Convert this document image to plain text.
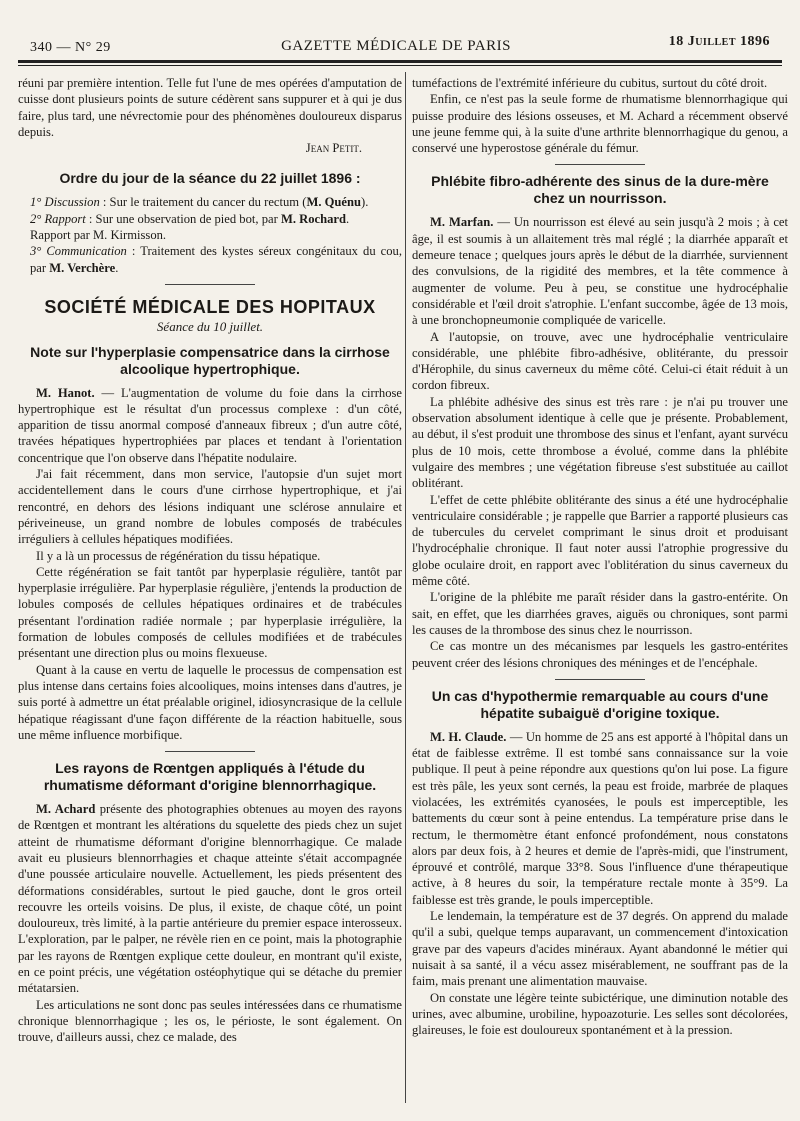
340 — N° 29	GAZETTE MÉDICALE DE PARIS	18 Juillet 1896

réuni par première intention. Telle fut l'une de mes opérées d'amputation de cuisse dont plusieurs points de suture cédèrent sans suppurer et à qui je dus faire, plus tard, une névrectomie pour des phénomènes douloureux disparus depuis.

Jean Petit.

Ordre du jour de la séance du 22 juillet 1896 :

1° Discussion : Sur le traitement du cancer du rectum (M. Quénu).

2° Rapport : Sur une observation de pied bot, par M. Rochard.

Rapport par M. Kirmisson.

3° Communication : Traitement des kystes séreux congénitaux du cou, par M. Verchère.

SOCIÉTÉ MÉDICALE DES HOPITAUX
Séance du 10 juillet.
Note sur l'hyperplasie compensatrice dans la cirrhose alcoolique hypertrophique.

M. Hanot. — L'augmentation de volume du foie dans la cirrhose hypertrophique est le résultat d'un processus complexe : d'un côté, apparition de tissu anormal composé d'anneaux fibreux ; d'un autre côté, travées hépatiques hypertrophiées par places et tendant à l'orientation concentrique que l'on observe dans l'hépatite nodulaire.

J'ai fait récemment, dans mon service, l'autopsie d'un sujet mort accidentellement dans le cours d'une cirrhose hypertrophique, et j'ai rencontré, en dehors des lésions indiquant une sclérose annulaire et périveineuse, un grand nombre de lobules composés de trabécules irréguliers à cellules hépatiques modifiées.

Il y a là un processus de régénération du tissu hépatique.

Cette régénération se fait tantôt par hyperplasie régulière, tantôt par hyperplasie irrégulière. Par hyperplasie régulière, j'entends la production de lobules composés de cellules hépatiques ordinaires et de trabécules présentant l'ordination radiée normale ; par hyperplasie irrégulière, la formation de lobules composés de cellules modifiées et de trabécules présentant une direction plus ou moins flexueuse.

Quant à la cause en vertu de laquelle le processus de compensation est plus intense dans certains foies alcooliques, moins intenses dans d'autres, je suis porté à admettre un état préalable originel, idiosyncrasique de la cellule hépatique réagissant d'une façon différente de la réaction habituelle, sous une même influence morbifique.

Les rayons de Rœntgen appliqués à l'étude du rhumatisme déformant d'origine blennorrhagique.

M. Achard présente des photographies obtenues au moyen des rayons de Rœntgen et montrant les altérations du squelette des pieds chez un sujet atteint de rhumatisme déformant d'origine blennorrhagique. Ce malade avait eu plusieurs blennorrhagies et chaque atteinte s'était accompagnée d'une poussée articulaire nouvelle. Actuellement, les pieds présentent des déformations considérables, surtout le pied gauche, dont le gros orteil recouvre les orteils voisins. De plus, il existe, de chaque côté, un point douloureux, très limité, à la partie antérieure du premier espace interosseux. L'exploration, par le palper, ne révèle rien en ce point, mais la photographie par les rayons de Rœntgen explique cette douleur, en montrant qu'il existe, en ce point précis, une végétation ostéophytique qui se détache du premier métatarsien.

Les articulations ne sont donc pas seules intéressées dans ce rhumatisme chronique blennorrhagique ; les os, le périoste, le sont également. On trouve, d'ailleurs aussi, chez ce malade, des

tuméfactions de l'extrémité inférieure du cubitus, surtout du côté droit.

Enfin, ce n'est pas la seule forme de rhumatisme blennorrhagique qui puisse produire des lésions osseuses, et M. Achard a récemment observé une jeune femme qui, à la suite d'une arthrite blennorrhagique du genou, a conservé une hyperostose générale du fémur.

Phlébite fibro-adhérente des sinus de la dure-mère chez un nourrisson.

M. Marfan. — Un nourrisson est élevé au sein jusqu'à 2 mois ; à cet âge, il est soumis à un allaitement très mal réglé ; la diarrhée apparaît et demeure tenace ; quelques jours après le début de la diarrhée, surviennent des convulsions, de la rigidité des membres, et la tête commence à augmenter de volume. Peu à peu, se constitue une hydrocéphalie considérable et l'œil droit s'atrophie. L'enfant succombe, âgée de 13 mois, à une bronchopneumonie compliquée de varicelle.

A l'autopsie, on trouve, avec une hydrocéphalie ventriculaire considérable, une phlébite fibro-adhésive, oblitérante, du pressoir d'Hérophile, du sinus caverneux du même côté. Celui-ci était réduit à un cordon fibreux.

La phlébite adhésive des sinus est très rare : je n'ai pu trouver une observation absolument identique à celle que je présente. Probablement, au début, il s'est produit une thrombose des sinus et l'enfant, ayant survécu plus de 10 mois, cette thrombose a évolué, comme dans la phlébite vulgaire des membres ; une végétation fibreuse s'est substituée au caillot oblitérant.

L'effet de cette phlébite oblitérante des sinus a été une hydrocéphalie ventriculaire considérable ; je rappelle que Barrier a rapporté plusieurs cas de tubercules du cervelet comprimant le sinus droit et produisant l'hydrocéphalie chronique. Il faut noter aussi l'atrophie progressive du globe oculaire droit, en rapport avec l'oblitération du sinus caverneux du même côté.

L'origine de la phlébite me paraît résider dans la gastro-entérite. On sait, en effet, que les diarrhées graves, aiguës ou chroniques, sont parmi les causes de la thrombose des sinus chez le nourrisson.

Ce cas montre un des mécanismes par lesquels les gastro-entérites peuvent créer des lésions chroniques des méninges et de l'encéphale.

Un cas d'hypothermie remarquable au cours d'une hépatite subaiguë d'origine toxique.

M. H. Claude. — Un homme de 25 ans est apporté à l'hôpital dans un état de faiblesse extrême. Il est tombé sans connaissance sur la voie publique. Il peut à peine répondre aux questions qu'on lui pose. La figure est très pâle, les yeux sont cernés, la peau est froide, marbrée de plaques violacées, les extrémités cyanosées, le pouls est imperceptible, les battements du cœur sont à peine entendus. La température prise dans le rectum, le thermomètre étant enfoncé profondément, nous constatons alors par deux fois, à 2 heures et demie de l'après-midi, que l'instrument, éprouvé et contrôlé, marque 33°8. Sous l'influence d'une thérapeutique active, à 8 heures du soir, la température rectale monte à 35°9. La faiblesse est très grande, le pouls imperceptible.

Le lendemain, la température est de 37 degrés. On apprend du malade qu'il a subi, quelque temps auparavant, un commencement d'intoxication grave par des vapeurs d'acides minéraux. Ayant abandonné le métier qui nuisait à sa santé, il a vécu assez misérablement, ne souffrant pas de la faim, mais prenant une alimentation mauvaise.

On constate une légère teinte subictérique, une diminution notable des urines, avec albumine, urobiline, hypoazoturie. Les selles sont décolorées, glaireuses, le foie est douloureux spontanément et à la pression.
